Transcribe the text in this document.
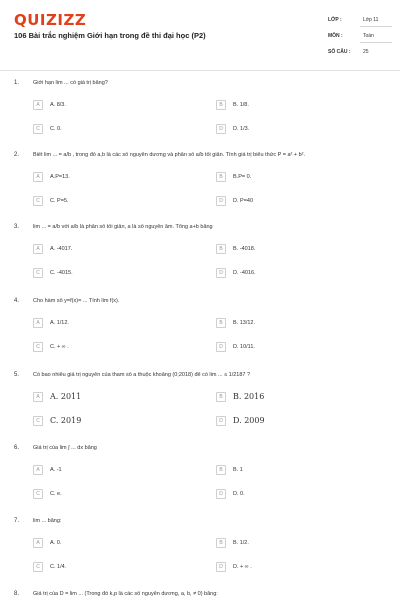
QUIZIZZ
106 Bài trắc nghiệm Giới hạn trong đề thi đại học (P2)
LỚP :	Lớp 11
MÔN :	Toán
SỐ CÂU :	25
1.	Giới hạn lim ... có giá trị bằng?
A	A. 8/3.	B	B. 1/8.
C	C. 0.	D	D. 1/3.
2.	Biết lim ... = a/b , trong đó a,b là các số nguyên dương và phân số a/b tối giản. Tính giá trị biểu thức P = a² + b².
A	A.P=13.	B	B.P= 0.
C	C. P=5.	D	D. P=40
3.	lim ... = a/b với a/b là phân số tối giản, a là số nguyên âm. Tổng a+b bằng
A	A. -4017.	B	B. -4018.
C	C. -4015.	D	D. -4016.
4.	Cho hàm số y=f(x)= ... Tính lim f(x).
A	A. 1/12.	B	B. 13/12.
C	C. + ∞ .	D	D. 10/11.
5.	Có bao nhiêu giá trị nguyên của tham số a thuộc khoảng (0;2018) để có lim ... ≤ 1/2187 ?
A	A. 2011	B	B. 2016
C	C. 2019	D	D. 2009
6.	Giá trị của lim ∫ ... dx bằng
A	A. -1	B	B. 1
C	C. e.	D	D. 0.
7.	lim ... bằng:
A	A. 0.	B	B. 1/2.
C	C. 1/4.	D	D. + ∞ .
8.	Giá trị của D = lim ... (Trong đó k,p là các số nguyên dương, a, b, ≠ 0) bằng:
